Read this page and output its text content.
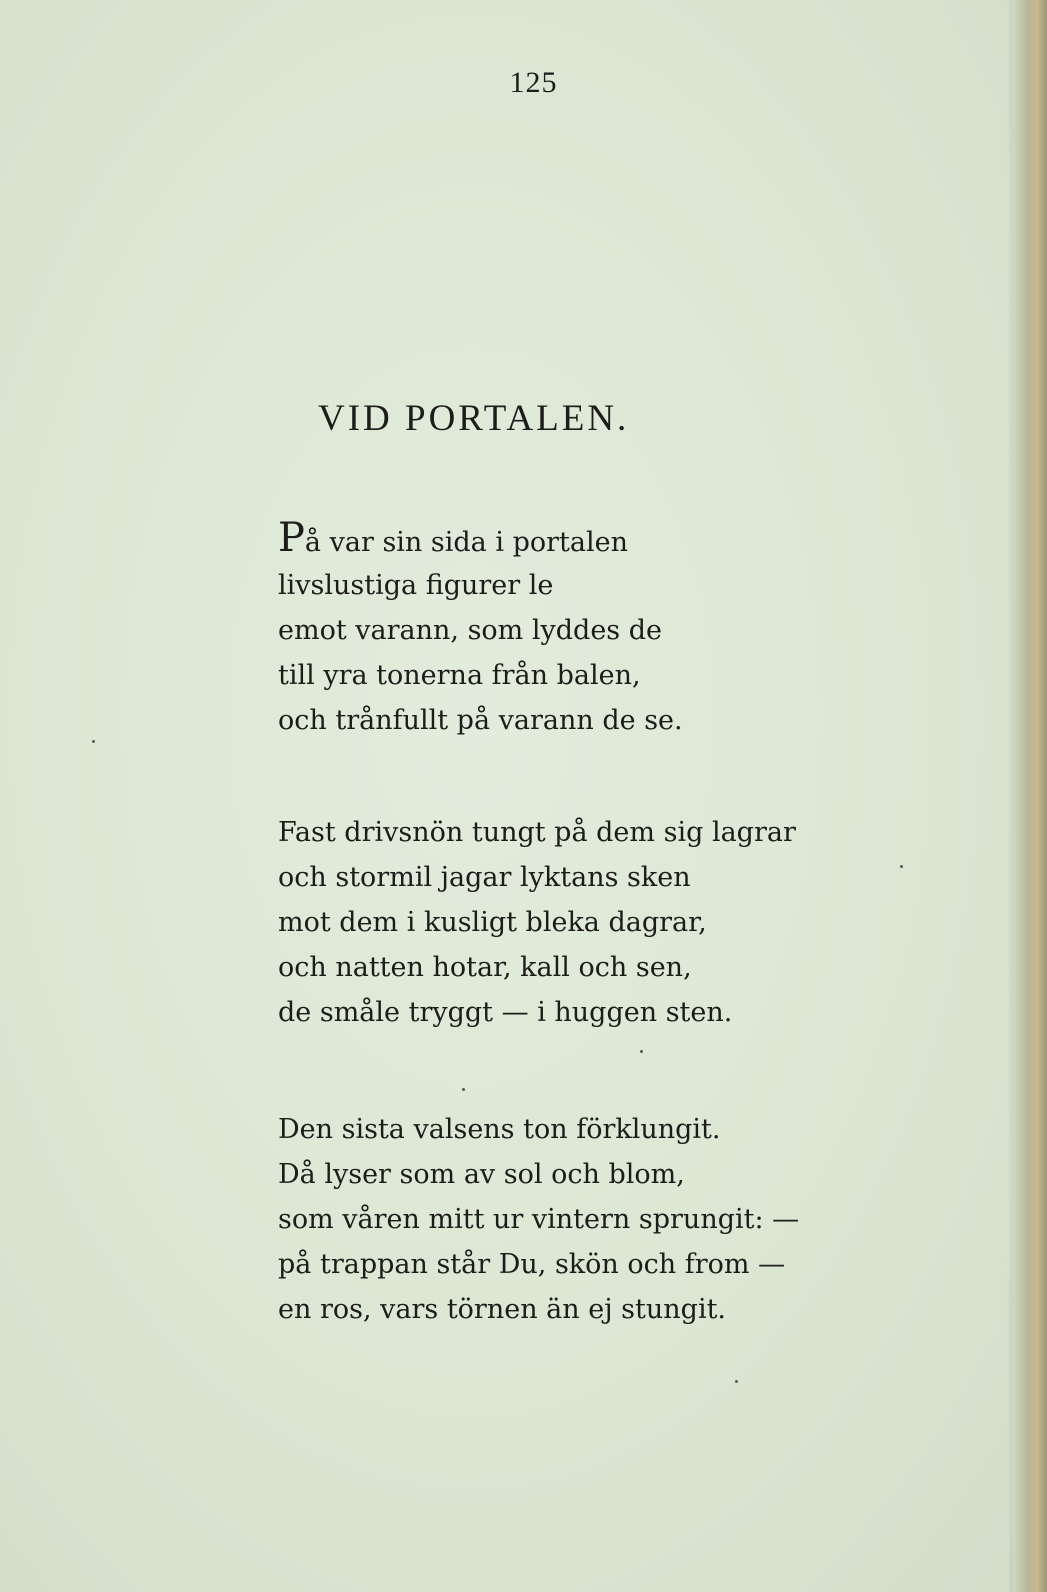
125
VID PORTALEN.
På var sin sida i portalen
livslustiga figurer le
emot varann, som lyddes de
till yra tonerna från balen,
och trånfullt på varann de se.
Fast drivsnön tungt på dem sig lagrar
och stormil jagar lyktans sken
mot dem i kusligt bleka dagrar,
och natten hotar, kall och sen,
de småle tryggt — i huggen sten.
Den sista valsens ton förklungit.
Då lyser som av sol och blom,
som våren mitt ur vintern sprungit: —
på trappan står Du, skön och from —
en ros, vars törnen än ej stungit.
